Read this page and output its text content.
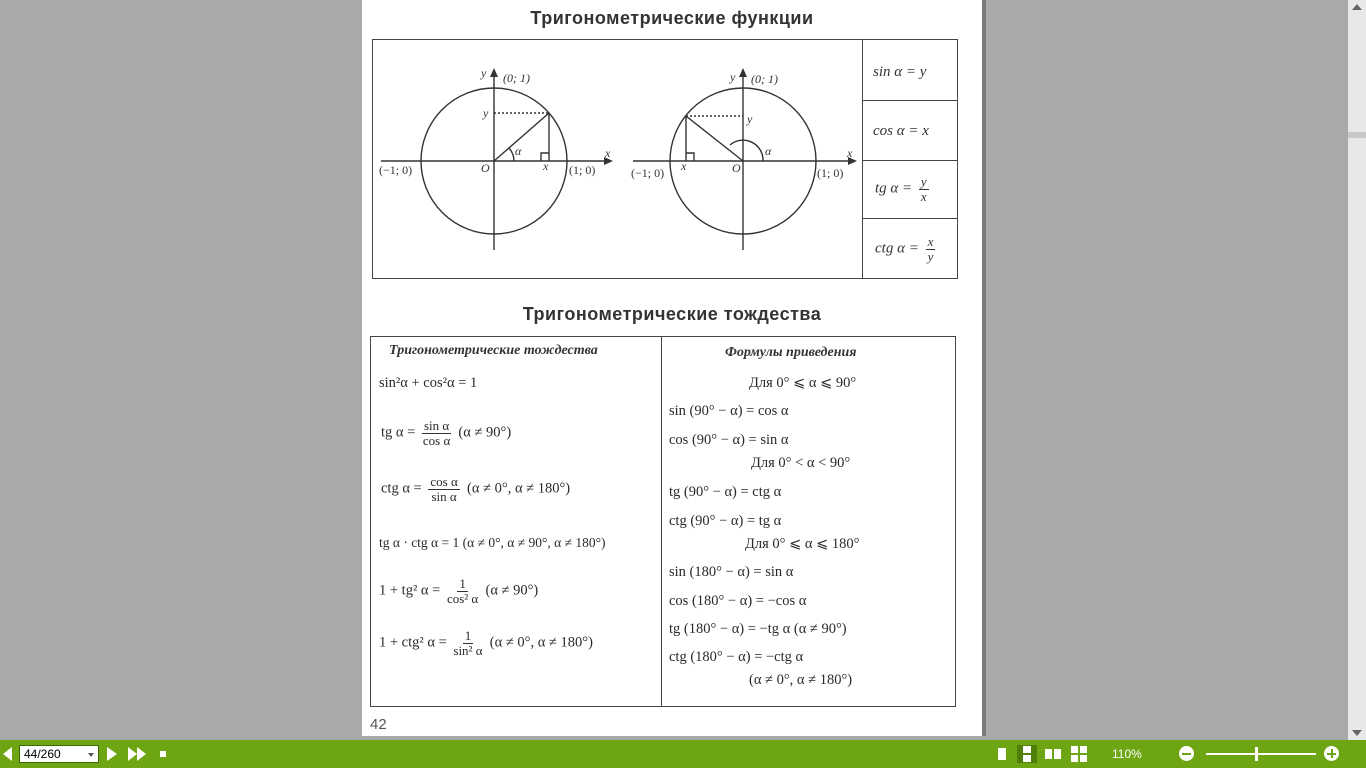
Тригонометрические функции
y (0; 1)
y
x
α
O	x
(−1; 0)	(1; 0)
y (0; 1)
y
x
α
O
x
(−1; 0)	(1; 0)
sin α = y
cos α = x
tg $\alpha = \frac{y}{x}$
ctg $\alpha = \frac{x}{y}$
Тригонометрические тождества
Тригонометрические тождества	Формулы приведения
sin²α + cos²α = 1
tg $\alpha = \frac{\text{sin α}}{\text{cos α}} (\alpha \ne 90^\circ)$
ctg $\alpha = \frac{\text{cos α}}{\text{sin α}} (\alpha \ne 0^\circ$, α ≠ 180°)
tg α · ctg α = 1 (α ≠ 0°, α ≠ 90°, α ≠ 180°)
1 + tg² $\alpha = \frac{1}{\text{cos² α}} (\alpha \ne 90^\circ)$
1 + ctg² $\alpha = \frac{1}{\text{sin² α}} (\alpha \ne 0^\circ$, α ≠ 180°)
Для 0° ⩽ α ⩽ 90°
sin (90° − α) = cos α
cos (90° − α) = sin α
Для 0° < α < 90°
tg (90° − α) = ctg α
ctg (90° − α) = tg α
Для 0° ⩽ α ⩽ 180°
sin (180° − α) = sin α
cos (180° − α) = −cos α
tg (180° − α) = −tg α (α ≠ 90°)
ctg (180° − α) = −ctg α
(α ≠ 0°, α ≠ 180°)
42
44/260	110%
